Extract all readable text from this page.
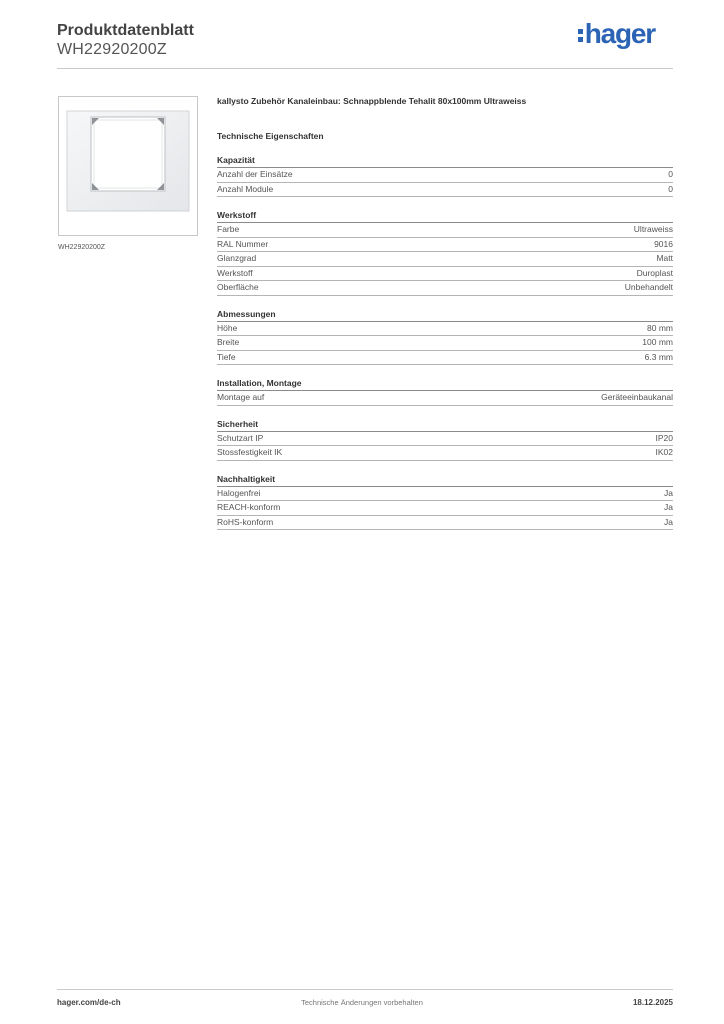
Produktdatenblatt
WH22920200Z
hager
WH22920200Z
kallysto Zubehör Kanaleinbau: Schnappblende Tehalit 80x100mm Ultraweiss
Technische Eigenschaften
Kapazität
Anzahl der Einsätze	0
Anzahl Module	0
Werkstoff
Farbe	Ultraweiss
RAL Nummer	9016
Glanzgrad	Matt
Werkstoff	Duroplast
Oberfläche	Unbehandelt
Abmessungen
Höhe	80 mm
Breite	100 mm
Tiefe	6.3 mm
Installation, Montage
Montage auf	Geräteeinbaukanal
Sicherheit
Schutzart IP	IP20
Stossfestigkeit IK	IK02
Nachhaltigkeit
Halogenfrei	Ja
REACH-konform	Ja
RoHS-konform	Ja
hager.com/de-ch	Technische Änderungen vorbehalten	18.12.2025
